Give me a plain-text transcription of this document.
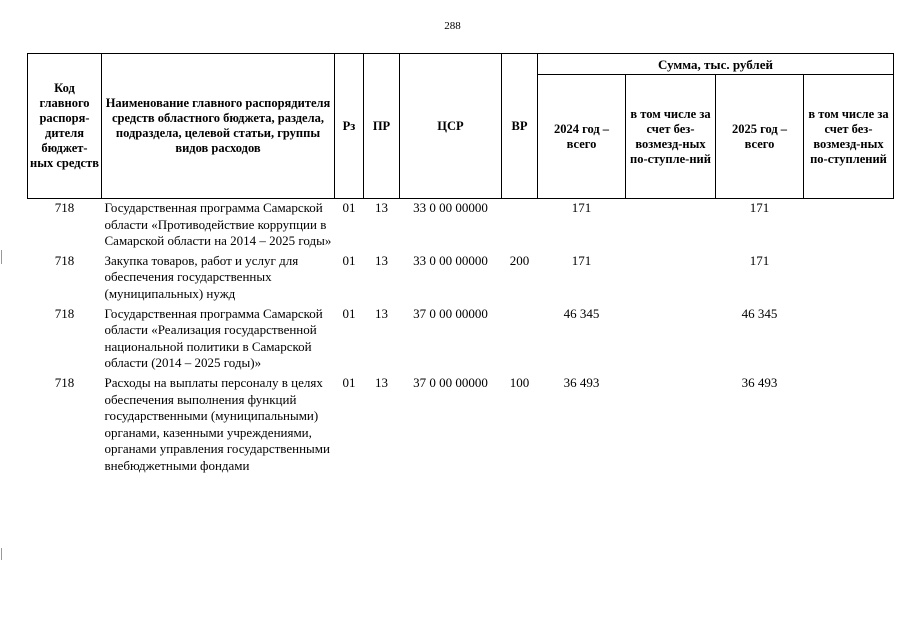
288
Код главного распоря-дителя бюджет-ных средств	Наименование главного распорядителя средств областного бюджета, раздела, подраздела, целевой статьи, группы видов расходов	Рз	ПР	ЦСР	ВР	Сумма, тыс. рублей			
						2024 год – всего	в том числе за счет без-возмезд-ных по-ступле-ний	2025 год – всего	в том числе за счет без-возмезд-ных по-ступлений
718	Государственная программа Самарской области «Противодействие коррупции в Самарской области на 2014 – 2025 годы»	01	13	33 0 00 00000		171		171	
718	Закупка товаров, работ и услуг для обеспечения государственных (муниципальных) нужд	01	13	33 0 00 00000	200	171		171	
718	Государственная программа Самарской области «Реализация государственной национальной политики в Самарской области (2014 – 2025 годы)»	01	13	37 0 00 00000		46 345		46 345	
718	Расходы на выплаты персоналу в целях обеспечения выполнения функций государственными (муниципальными) органами, казенными учреждениями, органами управления государственными внебюджетными фондами	01	13	37 0 00 00000	100	36 493		36 493	
